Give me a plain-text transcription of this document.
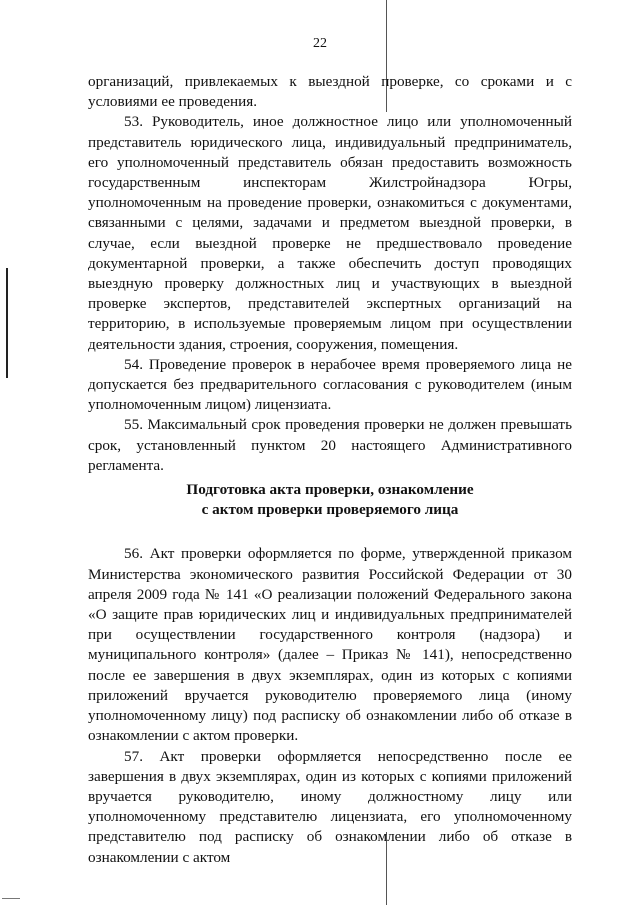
22

организаций, привлекаемых к выездной проверке, со сроками и с условиями ее проведения.

53. Руководитель, иное должностное лицо или уполномоченный представитель юридического лица, индивидуальный предприниматель, его уполномоченный представитель обязан предоставить возможность государственным инспекторам Жилстройнадзора Югры, уполномоченным на проведение проверки, ознакомиться с документами, связанными с целями, задачами и предметом выездной проверки, в случае, если выездной проверке не предшествовало проведение документарной проверки, а также обеспечить доступ проводящих выездную проверку должностных лиц и участвующих в выездной проверке экспертов, представителей экспертных организаций на территорию, в используемые проверяемым лицом при осуществлении деятельности здания, строения, сооружения, помещения.

54. Проведение проверок в нерабочее время проверяемого лица не допускается без предварительного согласования с руководителем (иным уполномоченным лицом) лицензиата.

55. Максимальный срок проведения проверки не должен превышать срок, установленный пунктом 20 настоящего Административного регламента.

Подготовка акта проверки, ознакомление
с актом проверки проверяемого лица

56. Акт проверки оформляется по форме, утвержденной приказом Министерства экономического развития Российской Федерации от 30 апреля 2009 года № 141 «О реализации положений Федерального закона «О защите прав юридических лиц и индивидуальных предпринимателей при осуществлении государственного контроля (надзора) и муниципального контроля» (далее – Приказ № 141), непосредственно после ее завершения в двух экземплярах, один из которых с копиями приложений вручается руководителю проверяемого лица (иному уполномоченному лицу) под расписку об ознакомлении либо об отказе в ознакомлении с актом проверки.

57. Акт проверки оформляется непосредственно после ее завершения в двух экземплярах, один из которых с копиями приложений вручается руководителю, иному должностному лицу или уполномоченному представителю лицензиата, его уполномоченному представителю под расписку об ознакомлении либо об отказе в ознакомлении с актом
